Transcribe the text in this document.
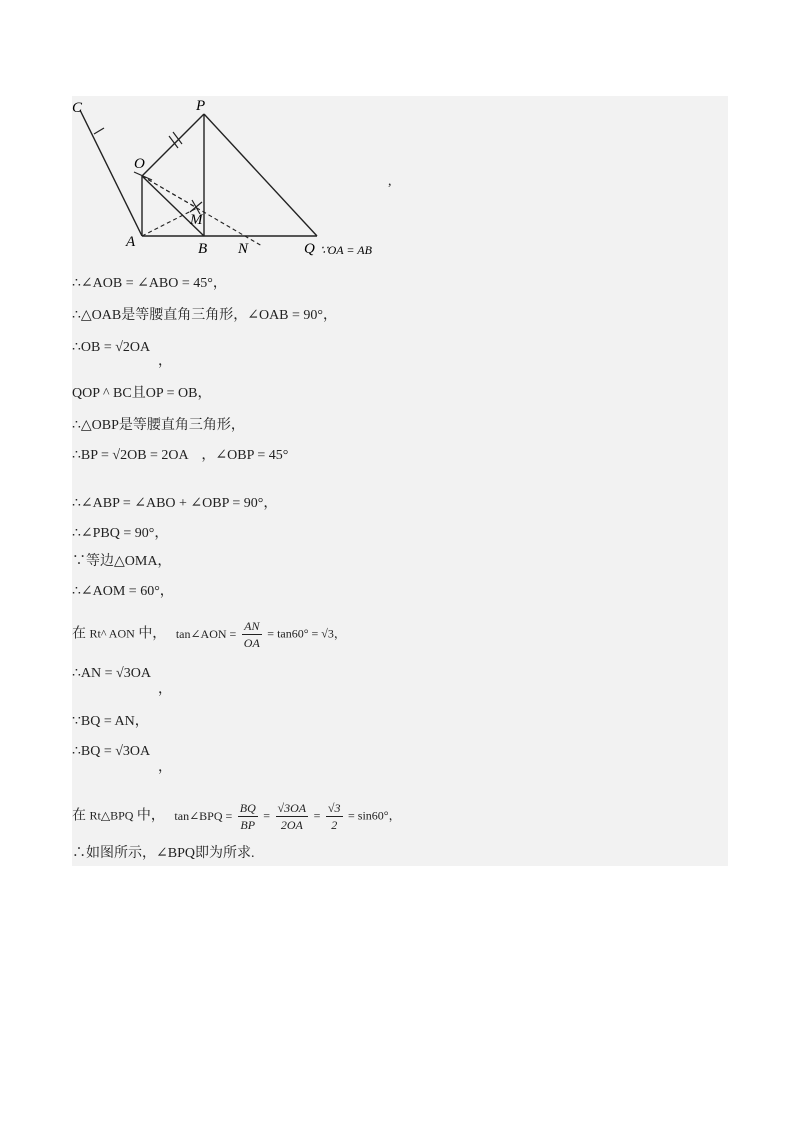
C	P
O
M
A	B N	Q ∵OA = AB
,
∴∠AOB = ∠ABO = 45°，
∴△OAB是等腰直角三角形，∠OAB = 90°，
∴OB = √2OA
，
QOP ^ BC且OP = OB，
∴△OBP是等腰直角三角形，
∴BP = √2OB = 2OA ，∠OBP = 45°
∴∠ABP = ∠ABO + ∠OBP = 90°，
∴∠PBQ = 90°，
∵等边△OMA，
∴∠AOM = 60°，
在 Rt^ AON 中， tan∠AON = $\frac{AN}{OA} = \tan 60^\circ = √3$，
∴AN = √3OA
，
∵BQ = AN，
∴BQ = √3OA
，
在 Rt△BPQ 中， tan∠BPQ = $\frac{BQ}{BP} = \frac{√3OA}{2OA} = \frac{√3}{2} = \sin 60^\circ$，
∴如图所示，∠BPQ即为所求.
